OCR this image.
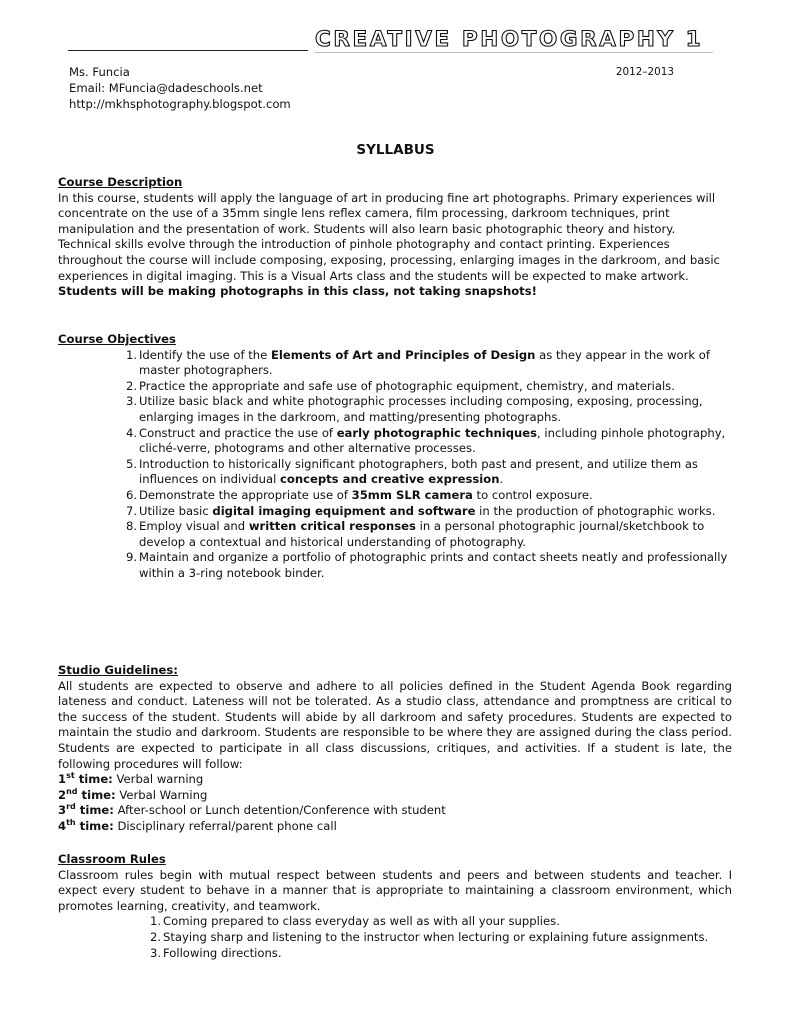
CREATIVE PHOTOGRAPHY 1
Ms. Funcia
Email: MFuncia@dadeschools.net
http://mkhsphotography.blogspot.com
2012–2013
SYLLABUS
Course Description

In this course, students will apply the language of art in producing fine art photographs. Primary experiences will concentrate on the use of a 35mm single lens reflex camera, film processing, darkroom techniques, print manipulation and the presentation of work. Students will also learn basic photographic theory and history. Technical skills evolve through the introduction of pinhole photography and contact printing. Experiences throughout the course will include composing, exposing, processing, enlarging images in the darkroom, and basic experiences in digital imaging. This is a Visual Arts class and the students will be expected to make artwork. Students will be making photographs in this class, not taking snapshots!

Course Objectives
1. Identify the use of the Elements of Art and Principles of Design as they appear in the work of master photographers.
2. Practice the appropriate and safe use of photographic equipment, chemistry, and materials.
3. Utilize basic black and white photographic processes including composing, exposing, processing, enlarging images in the darkroom, and matting/presenting photographs.
4. Construct and practice the use of early photographic techniques, including pinhole photography, cliché-verre, photograms and other alternative processes.
5. Introduction to historically significant photographers, both past and present, and utilize them as influences on individual concepts and creative expression.
6. Demonstrate the appropriate use of 35mm SLR camera to control exposure.
7. Utilize basic digital imaging equipment and software in the production of photographic works.
8. Employ visual and written critical responses in a personal photographic journal/sketchbook to develop a contextual and historical understanding of photography.
9. Maintain and organize a portfolio of photographic prints and contact sheets neatly and professionally within a 3-ring notebook binder.
Studio Guidelines:

All students are expected to observe and adhere to all policies defined in the Student Agenda Book regarding lateness and conduct. Lateness will not be tolerated. As a studio class, attendance and promptness are critical to the success of the student. Students will abide by all darkroom and safety procedures. Students are expected to maintain the studio and darkroom. Students are responsible to be where they are assigned during the class period. Students are expected to participate in all class discussions, critiques, and activities. If a student is late, the following procedures will follow:

1st time: Verbal warning
2nd time: Verbal Warning
3rd time: After-school or Lunch detention/Conference with student
4th time: Disciplinary referral/parent phone call
Classroom Rules

Classroom rules begin with mutual respect between students and peers and between students and teacher. I expect every student to behave in a manner that is appropriate to maintaining a classroom environment, which promotes learning, creativity, and teamwork.

1. Coming prepared to class everyday as well as with all your supplies.
2. Staying sharp and listening to the instructor when lecturing or explaining future assignments.
3. Following directions.
